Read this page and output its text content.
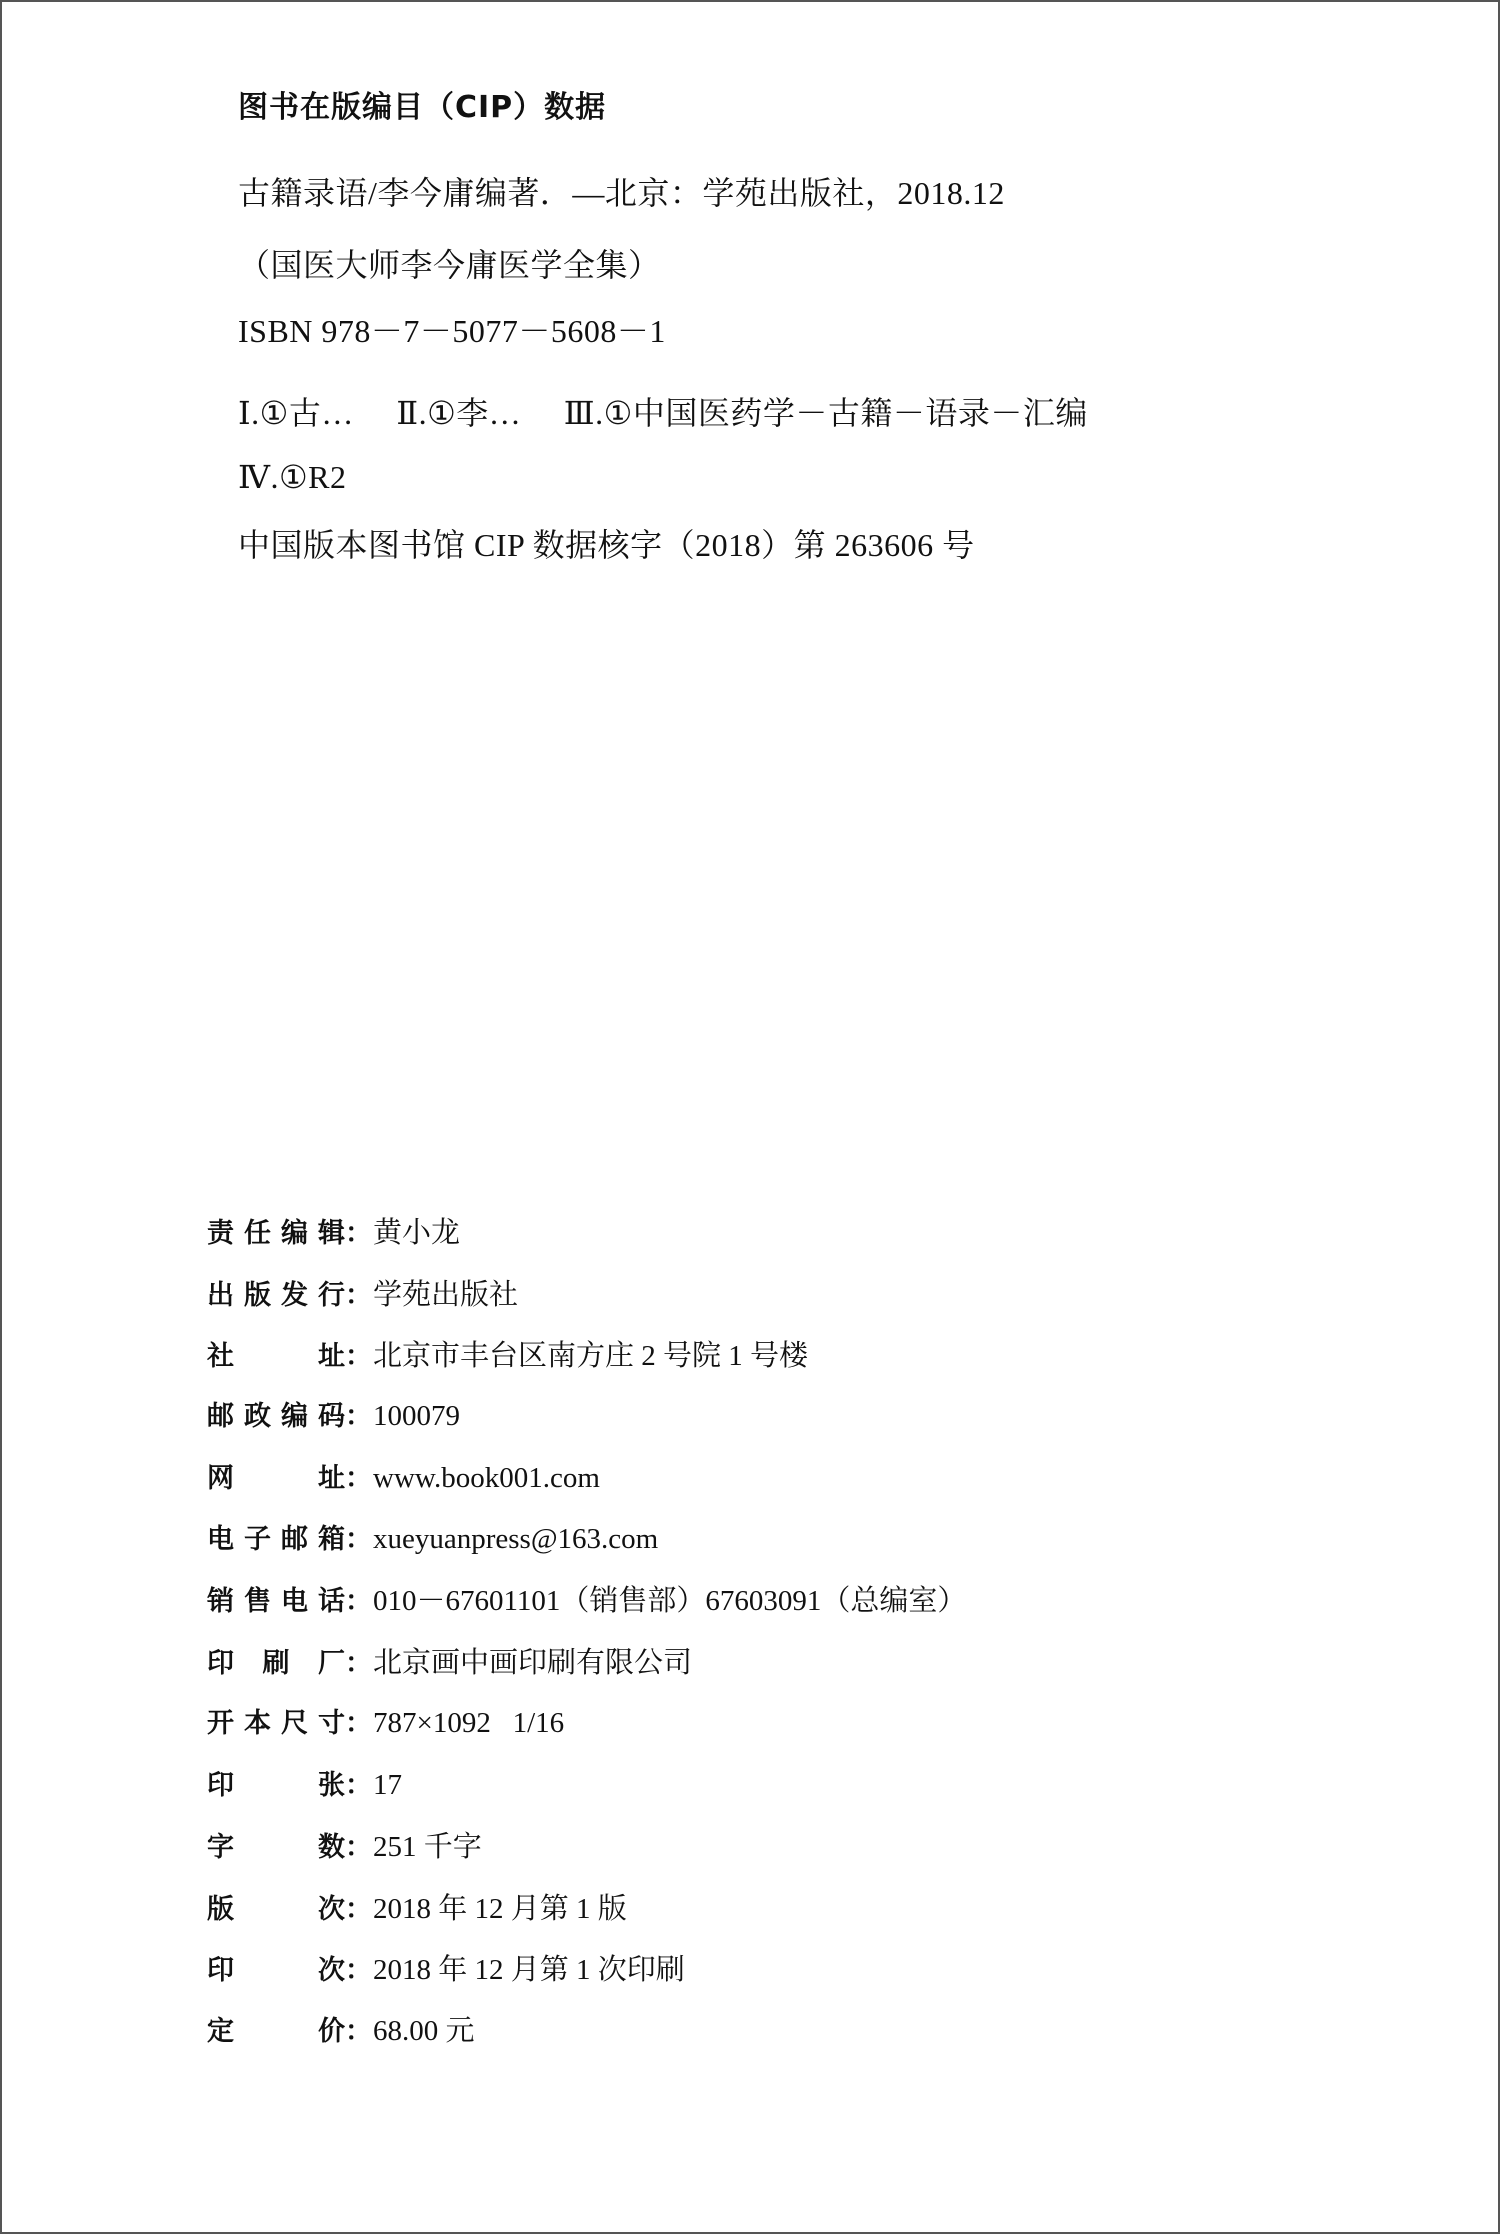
图书在版编目（CIP）数据
古籍录语/李今庸编著．—北京：学苑出版社，2018.12
（国医大师李今庸医学全集）
ISBN 978－7－5077－5608－1
Ⅰ.①古… Ⅱ.①李… Ⅲ.①中国医药学－古籍－语录－汇编
Ⅳ.①R2
中国版本图书馆 CIP 数据核字（2018）第 263606 号
责任编辑 ： 黄小龙
出版发行 ： 学苑出版社
社址 ： 北京市丰台区南方庄 2 号院 1 号楼
邮政编码 ： 100079
网址 ： www.book001.com
电子邮箱 ： xueyuanpress@163.com
销售电话 ： 010－67601101（销售部）67603091（总编室）
印刷厂 ： 北京画中画印刷有限公司
开本尺寸 ： 787×1092   1/16
印张 ： 17
字数 ： 251 千字
版次 ： 2018 年 12 月第 1 版
印次 ： 2018 年 12 月第 1 次印刷
定价 ： 68.00 元
